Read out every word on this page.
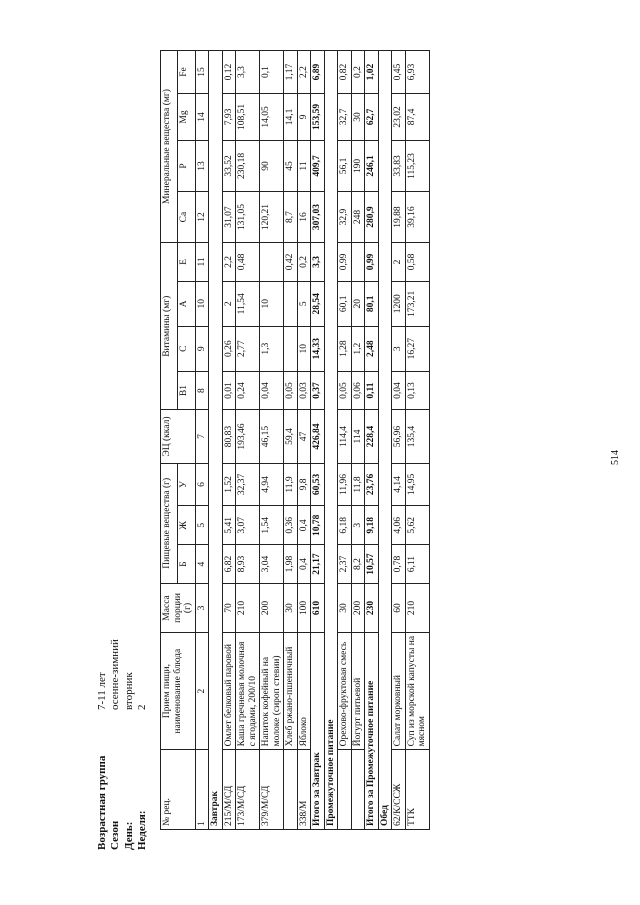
Возрастная группа
7-11 лет
Сезон
осенне-зимний
День:
вторник
Неделя:
2
№ рец.	Прием пищи, наименование блюда	Масса порции (г)	Пищевые вещества (г)			ЭЦ (ккал)	Витамины (мг)				Минеральные вещества (мг)			
			Б	Ж	У		B1	C	A	E	Ca	P	Mg	Fe
1	2	3	4	5	6	7	8	9	10	11	12	13	14	15
Завтрак														
215/М/СД	Омлет белковый паровой	70	6,82	5,41	1,52	80,83	0,01	0,26	2	2,2	31,07	33,52	7,93	0,12
173/М/СД	Каша гречневая молочная с ягодами, 200/10	210	8,93	3,07	32,37	193,46	0,24	2,77	11,54	0,48	131,05	230,18	108,51	3,3
379/М/СД	Напиток кофейный на молоке (сироп стевии)	200	3,04	1,54	4,94	46,15	0,04	1,3	10		120,21	90	14,05	0,1
	Хлеб ржано-пшеничный	30	1,98	0,36	11,9	59,4	0,05			0,42	8,7	45	14,1	1,17
338/М	Яблоко	100	0,4	0,4	9,8	47	0,03	10	5	0,2	16	11	9	2,2
Итого за Завтрак		610	21,17	10,78	60,53	426,84	0,37	14,33	28,54	3,3	307,03	409,7	153,59	6,89
Промежуточное питание														
	Орехово-фруктовая смесь	30	2,37	6,18	11,96	114,4	0,05	1,28	60,1	0,99	32,9	56,1	32,7	0,82
	Йогурт питьевой	200	8,2	3	11,8	114	0,06	1,2	20		248	190	30	0,2
Итого за Промежуточное питание		230	10,57	9,18	23,76	228,4	0,11	2,48	80,1	0,99	280,9	246,1	62,7	1,02
Обед														
62/К/ССЖ	Салат морковный	60	0,78	4,06	4,14	56,96	0,04	3	1200	2	19,88	33,83	23,02	0,45
ТТК	Суп из морской капусты на мясном	210	6,11	5,62	14,95	135,4	0,13	16,27	173,21	0,58	39,16	115,23	87,4	6,93
514
